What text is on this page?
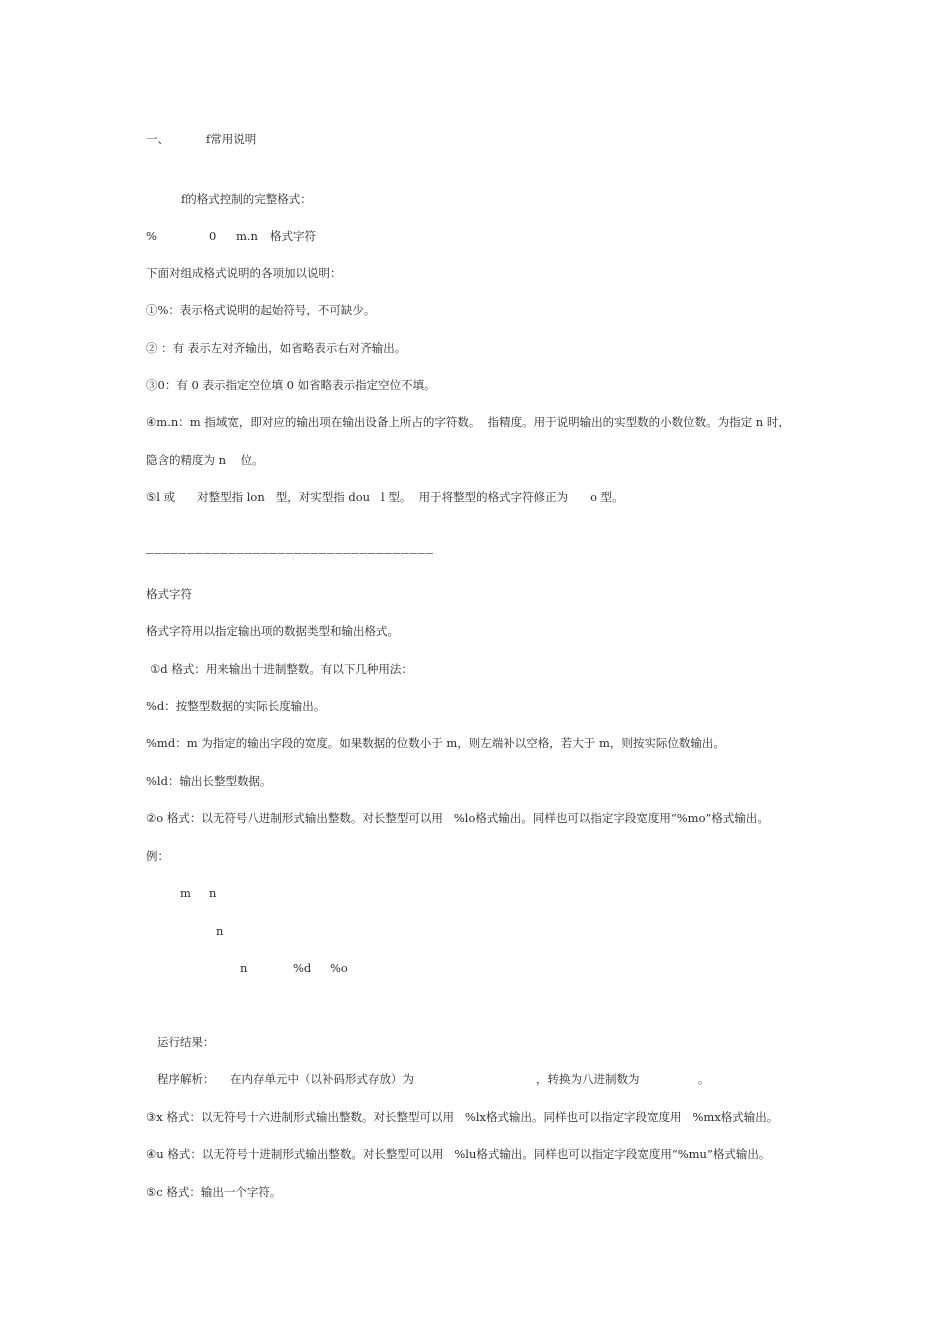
一、	f常用说明
f的格式控制的完整格式：
%	0 m.n 格式字符
下面对组成格式说明的各项加以说明：
①%：表示格式说明的起始符号，不可缺少。
② ：有 表示左对齐输出，如省略表示右对齐输出。
③0：有 0 表示指定空位填 0 如省略表示指定空位不填。
④m.n：m 指域宽，即对应的输出项在输出设备上所占的字符数。  指精度。用于说明输出的实型数的小数位数。为指定 n 时，
隐含的精度为 n    位。
⑤l 或      对整型指 lon   型，对实型指 dou   l 型。  用于将整型的格式字符修正为      o 型。
———————————————————————————————————
格式字符
格式字符用以指定输出项的数据类型和输出格式。
①d 格式：用来输出十进制整数。有以下几种用法：
%d：按整型数据的实际长度输出。
%md：m 为指定的输出字段的宽度。如果数据的位数小于 m，则左端补以空格，若大于 m，则按实际位数输出。
%ld：输出长整型数据。
②o 格式：以无符号八进制形式输出整数。对长整型可以用   %lo格式输出。同样也可以指定字段宽度用“%mo”格式输出。
例：
m n
n
n	%d %o
运行结果：
程序解析： 在内存单元中（以补码形式存放）为	，转换为八进制数为	。
③x 格式：以无符号十六进制形式输出整数。对长整型可以用   %lx格式输出。同样也可以指定字段宽度用   %mx格式输出。
④u 格式：以无符号十进制形式输出整数。对长整型可以用   %lu格式输出。同样也可以指定字段宽度用“%mu”格式输出。
⑤c 格式：输出一个字符。
